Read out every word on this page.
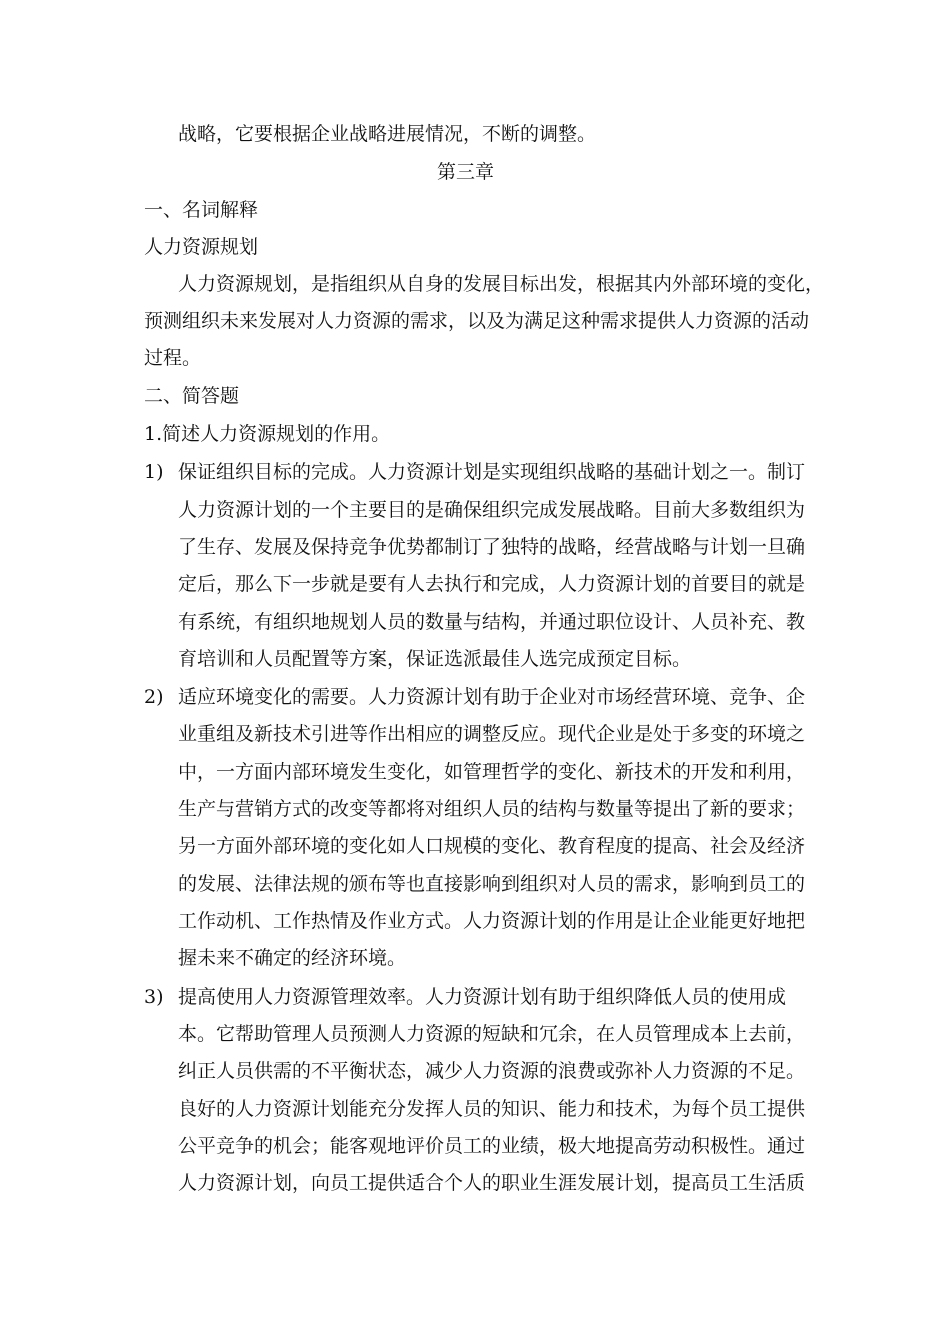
战略，它要根据企业战略进展情况，不断的调整。
第三章
一、名词解释
人力资源规划
人力资源规划，是指组织从自身的发展目标出发，根据其内外部环境的变化，
预测组织未来发展对人力资源的需求，以及为满足这种需求提供人力资源的活动
过程。
二、简答题
1.简述人力资源规划的作用。
1) 保证组织目标的完成。人力资源计划是实现组织战略的基础计划之一。制订
人力资源计划的一个主要目的是确保组织完成发展战略。目前大多数组织为
了生存、发展及保持竞争优势都制订了独特的战略，经营战略与计划一旦确
定后，那么下一步就是要有人去执行和完成，人力资源计划的首要目的就是
有系统，有组织地规划人员的数量与结构，并通过职位设计、人员补充、教
育培训和人员配置等方案，保证选派最佳人选完成预定目标。
2) 适应环境变化的需要。人力资源计划有助于企业对市场经营环境、竞争、企
业重组及新技术引进等作出相应的调整反应。现代企业是处于多变的环境之
中，一方面内部环境发生变化，如管理哲学的变化、新技术的开发和利用，
生产与营销方式的改变等都将对组织人员的结构与数量等提出了新的要求；
另一方面外部环境的变化如人口规模的变化、教育程度的提高、社会及经济
的发展、法律法规的颁布等也直接影响到组织对人员的需求，影响到员工的
工作动机、工作热情及作业方式。人力资源计划的作用是让企业能更好地把
握未来不确定的经济环境。
3) 提高使用人力资源管理效率。人力资源计划有助于组织降低人员的使用成
本。它帮助管理人员预测人力资源的短缺和冗余，在人员管理成本上去前，
纠正人员供需的不平衡状态，减少人力资源的浪费或弥补人力资源的不足。
良好的人力资源计划能充分发挥人员的知识、能力和技术，为每个员工提供
公平竞争的机会；能客观地评价员工的业绩，极大地提高劳动积极性。通过
人力资源计划，向员工提供适合个人的职业生涯发展计划，提高员工生活质
